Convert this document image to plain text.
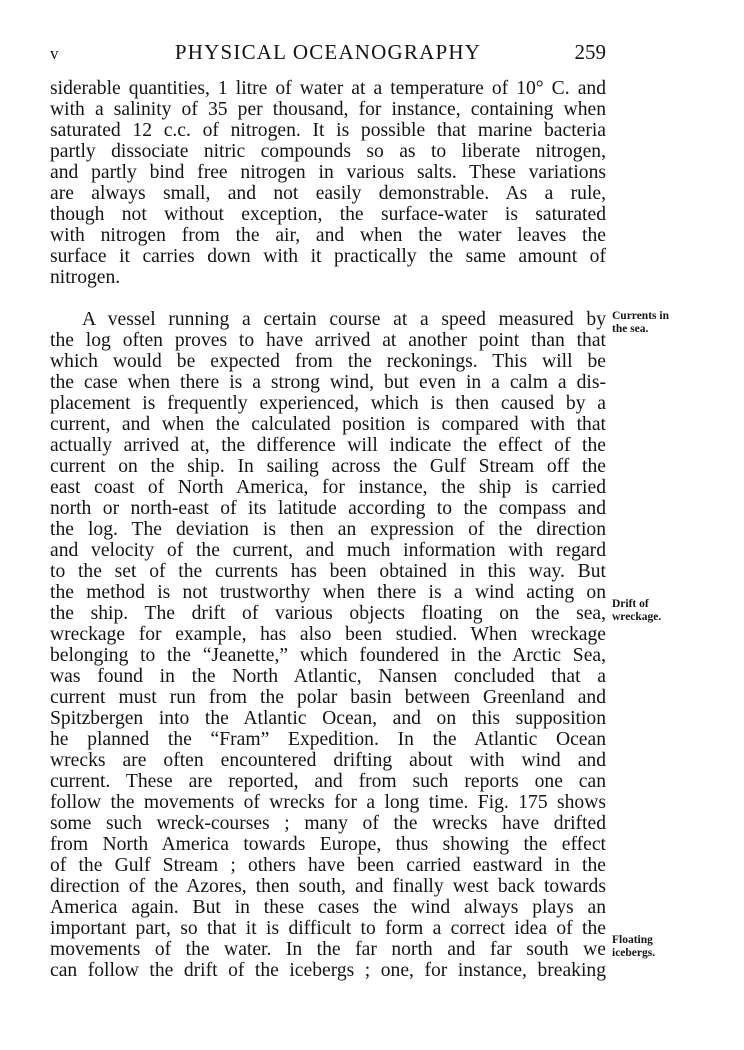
v	PHYSICAL OCEANOGRAPHY	259
siderable quantities, 1 litre of water at a temperature of 10° C. and
with a salinity of 35 per thousand, for instance, containing when
saturated 12 c.c. of nitrogen. It is possible that marine bacteria
partly dissociate nitric compounds so as to liberate nitrogen,
and partly bind free nitrogen in various salts. These variations
are always small, and not easily demonstrable. As a rule,
though not without exception, the surface-water is saturated
with nitrogen from the air, and when the water leaves the
surface it carries down with it practically the same amount of
nitrogen.
A vessel running a certain course at a speed measured by
the log often proves to have arrived at another point than that
which would be expected from the reckonings. This will be
the case when there is a strong wind, but even in a calm a dis-
placement is frequently experienced, which is then caused by a
current, and when the calculated position is compared with that
actually arrived at, the difference will indicate the effect of the
current on the ship. In sailing across the Gulf Stream off the
east coast of North America, for instance, the ship is carried
north or north-east of its latitude according to the compass and
the log. The deviation is then an expression of the direction
and velocity of the current, and much information with regard
to the set of the currents has been obtained in this way. But
the method is not trustworthy when there is a wind acting on
the ship. The drift of various objects floating on the sea,
wreckage for example, has also been studied. When wreckage
belonging to the “Jeanette,” which foundered in the Arctic Sea,
was found in the North Atlantic, Nansen concluded that a
current must run from the polar basin between Greenland and
Spitzbergen into the Atlantic Ocean, and on this supposition
he planned the “Fram” Expedition. In the Atlantic Ocean
wrecks are often encountered drifting about with wind and
current. These are reported, and from such reports one can
follow the movements of wrecks for a long time. Fig. 175 shows
some such wreck-courses ; many of the wrecks have drifted
from North America towards Europe, thus showing the effect
of the Gulf Stream ; others have been carried eastward in the
direction of the Azores, then south, and finally west back towards
America again. But in these cases the wind always plays an
important part, so that it is difficult to form a correct idea of the
movements of the water. In the far north and far south we
can follow the drift of the icebergs ; one, for instance, breaking
Currents in
the sea.
Drift of
wreckage.
Floating
icebergs.
